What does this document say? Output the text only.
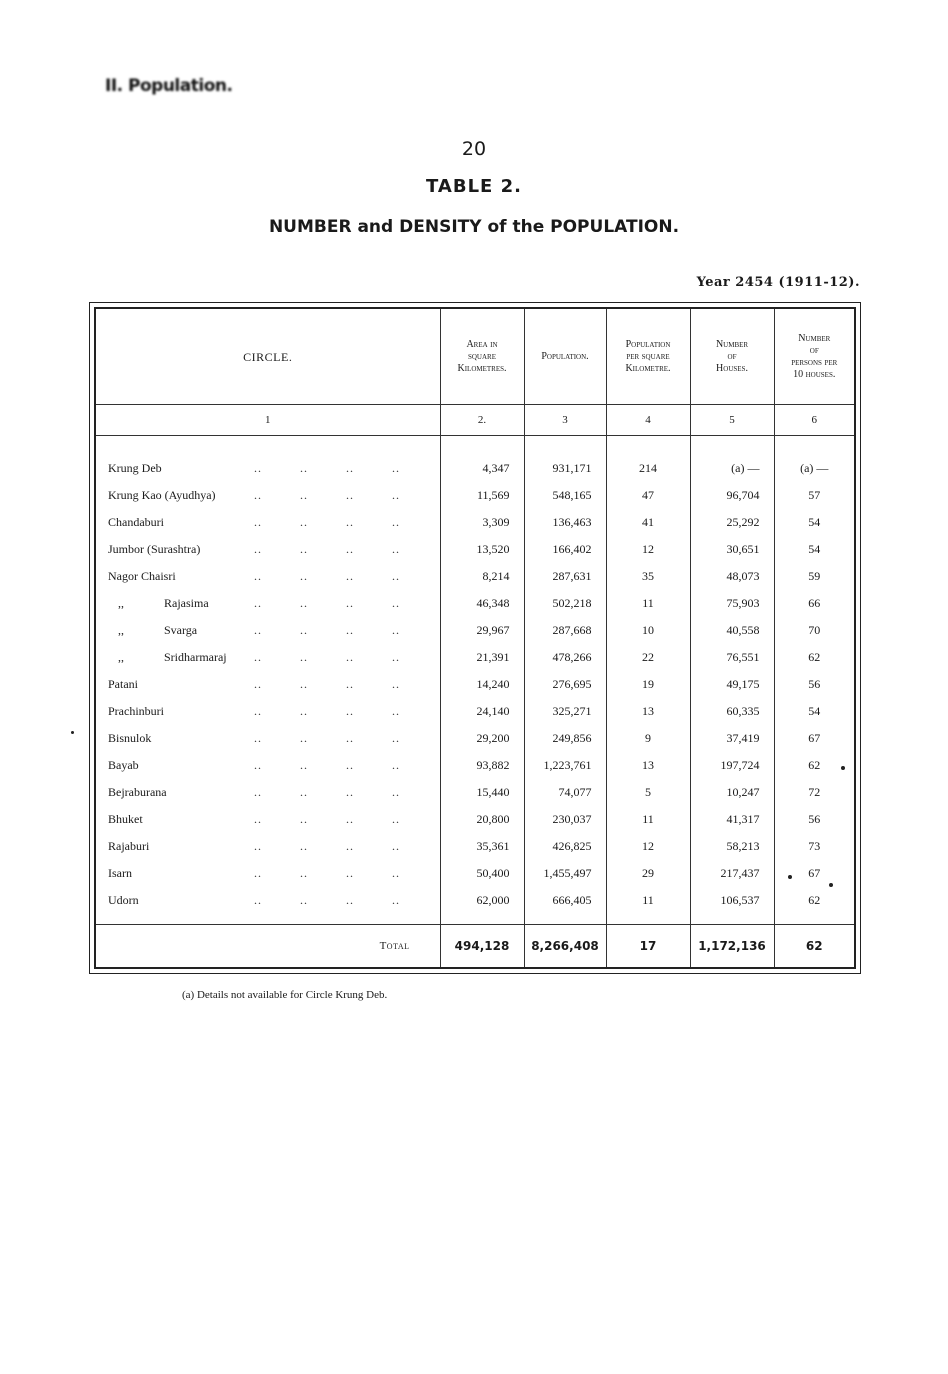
II. Population.
20
TABLE 2.
NUMBER and DENSITY of the POPULATION.
Year 2454 (1911-12).
CIRCLE.	Area in
square
Kilometres.	Population.	Population
per square
Kilometre.	Number
of
Houses.	Number
of
persons per
10 houses.
1	2.	3	4	5	6

Krung Deb .. .. .. ..	4,347	931,171	214	(a) —	(a) —
Krung Kao (Ayudhya) .. .. .. ..	11,569	548,165	47	96,704	57
Chandaburi .. .. .. ..	3,309	136,463	41	25,292	54
Jumbor (Surashtra) .. .. .. ..	13,520	166,402	12	30,651	54
Nagor Chaisri .. .. .. ..	8,214	287,631	35	48,073	59
,, Rajasima .. .. .. ..	46,348	502,218	11	75,903	66
,, Svarga .. .. .. ..	29,967	287,668	10	40,558	70
,, Sridharmaraj .. .. .. ..	21,391	478,266	22	76,551	62
Patani .. .. .. ..	14,240	276,695	19	49,175	56
Prachinburi .. .. .. ..	24,140	325,271	13	60,335	54
Bisnulok .. .. .. ..	29,200	249,856	9	37,419	67
Bayab .. .. .. ..	93,882	1,223,761	13	197,724	62
Bejraburana .. .. .. ..	15,440	74,077	5	10,247	72
Bhuket .. .. .. ..	20,800	230,037	11	41,317	56
Rajaburi .. .. .. ..	35,361	426,825	12	58,213	73
Isarn .. .. .. ..	50,400	1,455,497	29	217,437	67
Udorn .. .. .. ..	62,000	666,405	11	106,537	62

Total	494,128	8,266,408	17	1,172,136	62
(a) Details not available for Circle Krung Deb.
